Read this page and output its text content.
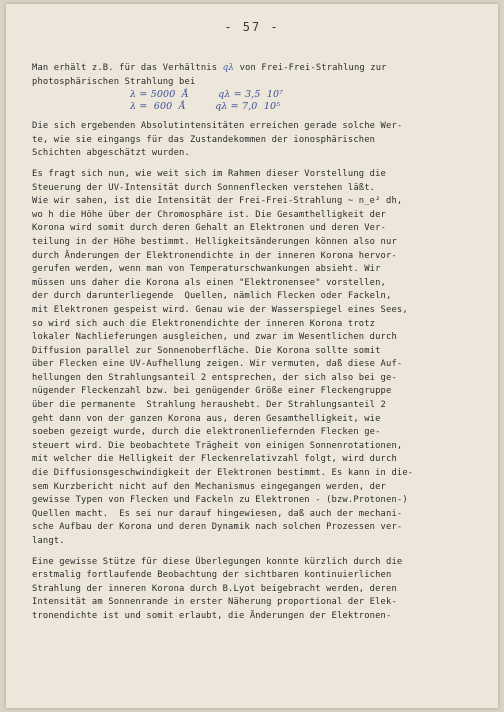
- 57 -
Man erhält z.B. für das Verhältnis qλ von Frei-Frei-Strahlung zur
photosphärischen Strahlung bei
λ = 5000  Å	qλ = 3,5  10⁷
λ =  600  Å	qλ = 7,0  10⁵
Die sich ergebenden Absolutintensitäten erreichen gerade solche Wer-
te, wie sie eingangs für das Zustandekommen der ionosphärischen
Schichten abgeschätzt wurden.
Es fragt sich nun, wie weit sich im Rahmen dieser Vorstellung die
Steuerung der UV-Intensität durch Sonnenflecken verstehen läßt.
Wie wir sahen, ist die Intensität der Frei-Frei-Strahlung ~ n_e² dh,
wo h die Höhe über der Chromosphäre ist. Die Gesamthelligkeit der
Korona wird somit durch deren Gehalt an Elektronen und deren Ver-
teilung in der Höhe bestimmt. Helligkeitsänderungen können also nur
durch Änderungen der Elektronendichte in der inneren Korona hervor-
gerufen werden, wenn man von Temperaturschwankungen absieht. Wir
müssen uns daher die Korona als einen "Elektronensee" vorstellen,
der durch darunterliegende  Quellen, nämlich Flecken oder Fackeln,
mit Elektronen gespeist wird. Genau wie der Wasserspiegel eines Sees,
so wird sich auch die Elektronendichte der inneren Korona trotz
lokaler Nachlieferungen ausgleichen, und zwar im Wesentlichen durch
Diffusion parallel zur Sonnenoberfläche. Die Korona sollte somit
über Flecken eine UV-Aufhellung zeigen. Wir vermuten, daß diese Auf-
hellungen den Strahlungsanteil 2 entsprechen, der sich also bei ge-
nügender Fleckenzahl bzw. bei genügender Größe einer Fleckengruppe
über die permanente  Strahlung heraushebt. Der Strahlungsanteil 2
geht dann von der ganzen Korona aus, deren Gesamthelligkeit, wie
soeben gezeigt wurde, durch die elektronenliefernden Flecken ge-
steuert wird. Die beobachtete Trägheit von einigen Sonnenrotationen,
mit welcher die Helligkeit der Fleckenrelativzahl folgt, wird durch
die Diffusionsgeschwindigkeit der Elektronen bestimmt. Es kann in die-
sem Kurzbericht nicht auf den Mechanismus eingegangen werden, der
gewisse Typen von Flecken und Fackeln zu Elektronen - (bzw.Protonen-)
Quellen macht.  Es sei nur darauf hingewiesen, daß auch der mechani-
sche Aufbau der Korona und deren Dynamik nach solchen Prozessen ver-
langt.
Eine gewisse Stütze für diese Überlegungen konnte kürzlich durch die
erstmalig fortlaufende Beobachtung der sichtbaren kontinuierlichen
Strahlung der inneren Korona durch B.Lyot beigebracht werden, deren
Intensität am Sonnenrande in erster Näherung proportional der Elek-
tronendichte ist und somit erlaubt, die Änderungen der Elektronen-
